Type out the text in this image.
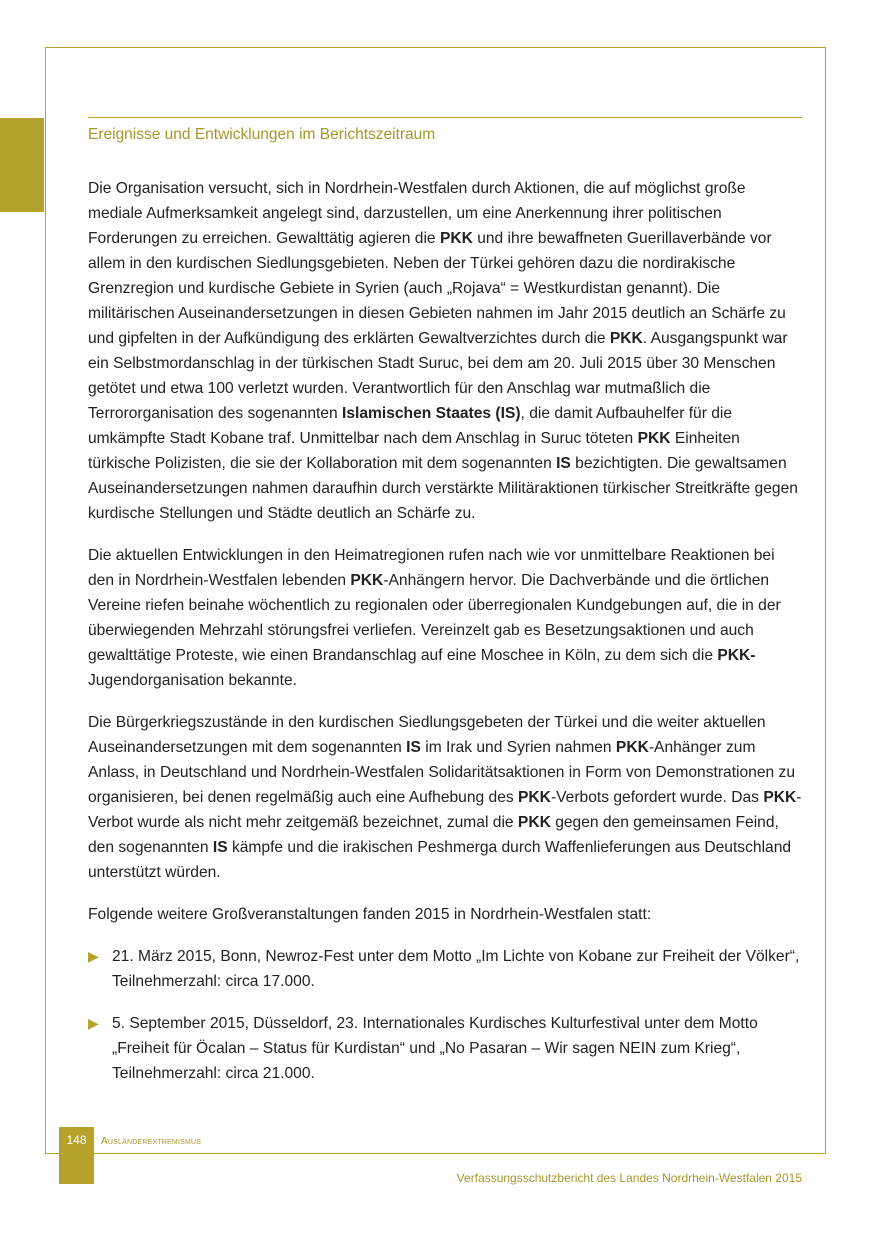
Ereignisse und Entwicklungen im Berichtszeitraum

Die Organisation versucht, sich in Nordrhein-Westfalen durch Aktionen, die auf möglichst große mediale Aufmerksamkeit angelegt sind, darzustellen, um eine Anerkennung ihrer politischen Forderungen zu erreichen. Gewalttätig agieren die PKK und ihre bewaffneten Guerillaverbände vor allem in den kurdischen Siedlungsgebieten. Neben der Türkei gehören dazu die nordirakische Grenzregion und kurdische Gebiete in Syrien (auch „Rojava“ = Westkurdistan genannt). Die militärischen Auseinandersetzungen in diesen Gebieten nahmen im Jahr 2015 deutlich an Schärfe zu und gipfelten in der Aufkündigung des erklärten Gewaltverzichtes durch die PKK. Ausgangspunkt war ein Selbstmordanschlag in der türkischen Stadt Suruc, bei dem am 20. Juli 2015 über 30 Menschen getötet und etwa 100 verletzt wurden. Verantwortlich für den Anschlag war mutmaßlich die Terrororganisation des sogenannten Islamischen Staates (IS), die damit Aufbauhelfer für die umkämpfte Stadt Kobane traf. Unmittelbar nach dem Anschlag in Suruc töteten PKK Einheiten türkische Polizisten, die sie der Kollaboration mit dem sogenannten IS bezichtigten. Die gewaltsamen Auseinandersetzungen nahmen daraufhin durch verstärkte Militäraktionen türkischer Streitkräfte gegen kurdische Stellungen und Städte deutlich an Schärfe zu.

Die aktuellen Entwicklungen in den Heimatregionen rufen nach wie vor unmittelbare Reaktionen bei den in Nordrhein-Westfalen lebenden PKK-Anhängern hervor. Die Dachverbände und die örtlichen Vereine riefen beinahe wöchentlich zu regionalen oder überregionalen Kundgebungen auf, die in der überwiegenden Mehrzahl störungsfrei verliefen. Vereinzelt gab es Besetzungsaktionen und auch gewalttätige Proteste, wie einen Brandanschlag auf eine Moschee in Köln, zu dem sich die PKK-Jugendorganisation bekannte.

Die Bürgerkriegszustände in den kurdischen Siedlungsgebeten der Türkei und die weiter aktuellen Auseinandersetzungen mit dem sogenannten IS im Irak und Syrien nahmen PKK-Anhänger zum Anlass, in Deutschland und Nordrhein-Westfalen Solidaritätsaktionen in Form von Demonstrationen zu organisieren, bei denen regelmäßig auch eine Aufhebung des PKK-Verbots gefordert wurde. Das PKK-Verbot wurde als nicht mehr zeitgemäß bezeichnet, zumal die PKK gegen den gemeinsamen Feind, den sogenannten IS kämpfe und die irakischen Peshmerga durch Waffenlieferungen aus Deutschland unterstützt würden.

Folgende weitere Großveranstaltungen fanden 2015 in Nordrhein-Westfalen statt:

▶ 21. März 2015, Bonn, Newroz-Fest unter dem Motto „Im Lichte von Kobane zur Freiheit der Völker“, Teilnehmerzahl: circa 17.000.
▶ 5. September 2015, Düsseldorf, 23. Internationales Kurdisches Kulturfestival unter dem Motto „Freiheit für Öcalan – Status für Kurdistan“ und „No Pasaran – Wir sagen NEIN zum Krieg“, Teilnehmerzahl: circa 21.000.
148	Ausländerextremismus
Verfassungsschutzbericht des Landes Nordrhein-Westfalen 2015
